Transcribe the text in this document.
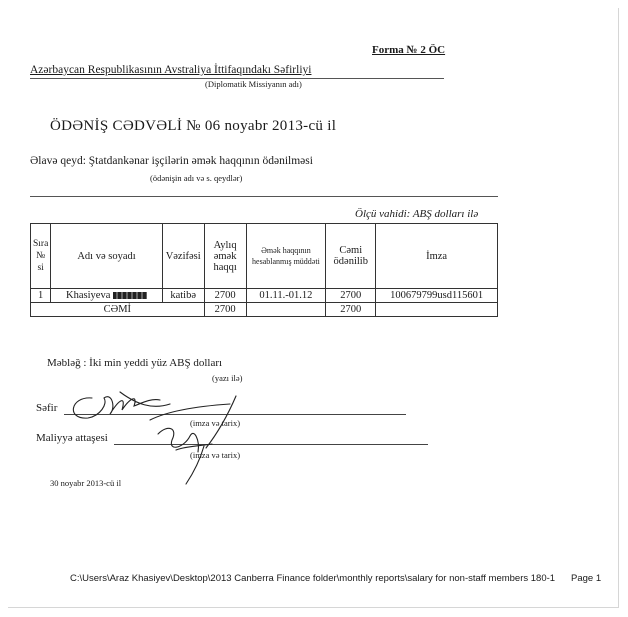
Forma № 2 ÖC
Azərbaycan Respublikasının Avstraliya İttifaqındakı Səfirliyi
(Diplomatik Missiyanın adı)
ÖDƏNİŞ CƏDVƏLİ № 06 noyabr 2013-cü il
Əlavə qeyd: Ştatdankənar işçilərin əmək haqqının ödənilməsi
(ödənişin adı və s. qeydlər)
Ölçü vahidi: ABŞ dolları ilə
Sıra № si	Adı və soyadı	Vəzifəsi	Aylıq əmək haqqı	Əmək haqqının hesablanmış müddəti	Cəmi ödənilib	İmza
1	Khasiyeva	katibə	2700	01.11.-01.12	2700	100679799usd115601
CƏMİ			2700		2700	
Məbləğ : İki min yeddi yüz ABŞ dolları
(yazı ilə)
Səfir
(imza və tarix)
Maliyyə attaşesi
(imza və tarix)
30 noyabr 2013-cü il
C:\Users\Araz Khasiyev\Desktop\2013 Canberra Finance folder\monthly reports\salary for non-staff members 180-1 Page 1
